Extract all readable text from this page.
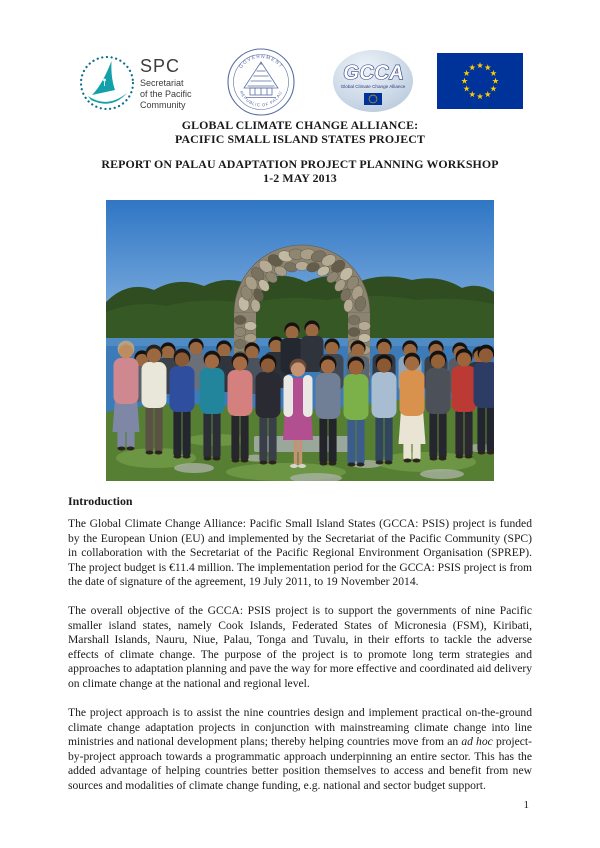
SPC
Secretariat
of the Pacific
Community
GOVERNMENT
REPUBLIC OF PALAU
GCCA
Global Climate Change Alliance
GLOBAL CLIMATE CHANGE ALLIANCE:
PACIFIC SMALL ISLAND STATES PROJECT
REPORT ON PALAU ADAPTATION PROJECT PLANNING WORKSHOP
1-2 MAY 2013
Introduction

The Global Climate Change Alliance: Pacific Small Island States (GCCA: PSIS) project is funded by the European Union (EU) and implemented by the Secretariat of the Pacific Community (SPC) in collaboration with the Secretariat of the Pacific Regional Environment Organisation (SPREP). The project budget is €11.4 million. The implementation period for the GCCA: PSIS project is from the date of signature of the agreement, 19 July 2011, to 19 November 2014.

The overall objective of the GCCA: PSIS project is to support the governments of nine Pacific smaller island states, namely Cook Islands, Federated States of Micronesia (FSM), Kiribati, Marshall Islands, Nauru, Niue, Palau, Tonga and Tuvalu, in their efforts to tackle the adverse effects of climate change. The purpose of the project is to promote long term strategies and approaches to adaptation planning and pave the way for more effective and coordinated aid delivery on climate change at the national and regional level.

The project approach is to assist the nine countries design and implement practical on-the-ground climate change adaptation projects in conjunction with mainstreaming climate change into line ministries and national development plans; thereby helping countries move from an ad hoc project-by-project approach towards a programmatic approach underpinning an entire sector. This has the added advantage of helping countries better position themselves to access and benefit from new sources and modalities of climate change funding, e.g. national and sector budget support.

1
